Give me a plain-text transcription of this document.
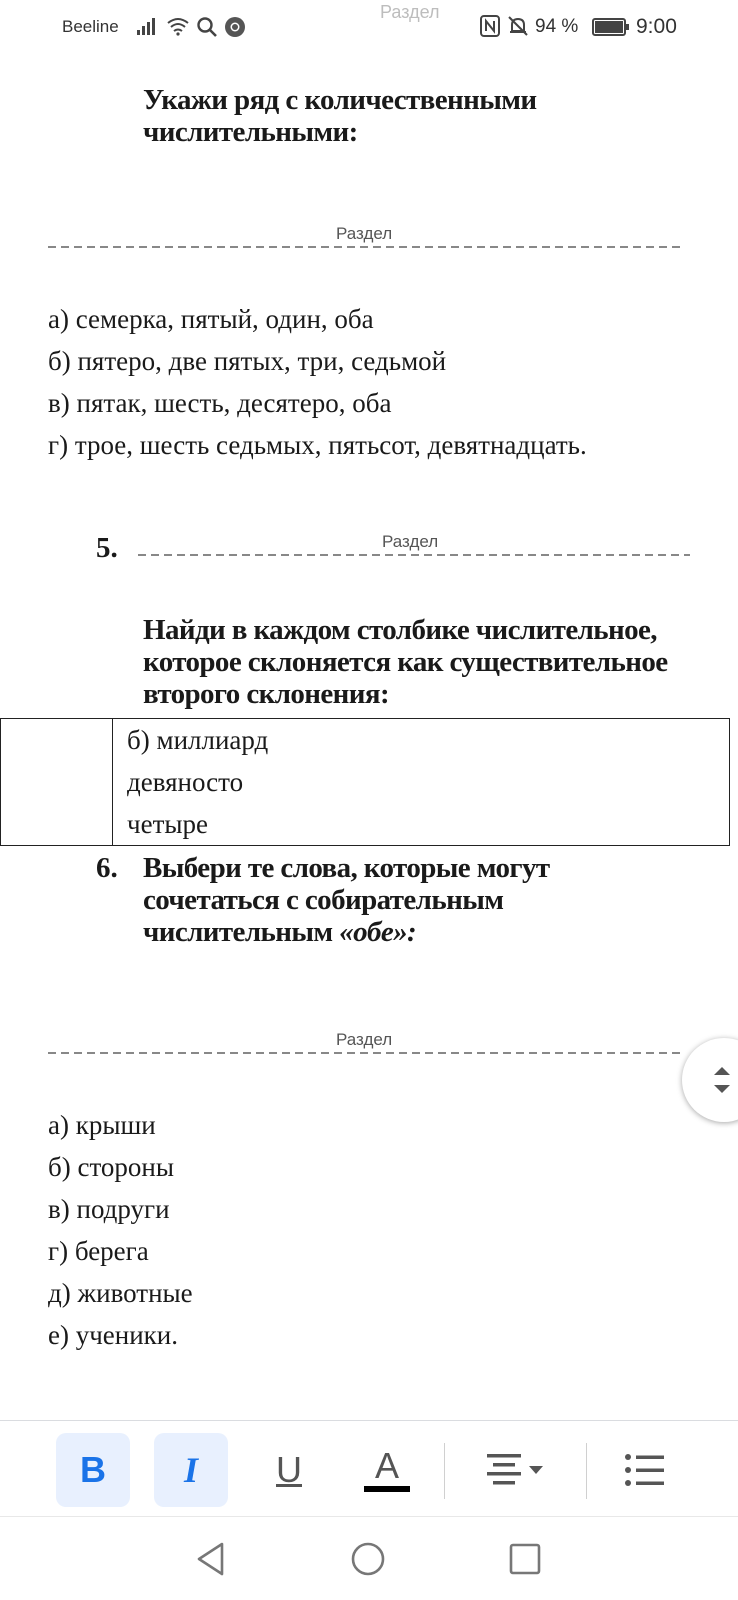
Beeline
Раздел
94 %	9:00
Укажи ряд с количественными
числительными:
Раздел
а) семерка, пятый, один, оба
б) пятеро, две пятых, три, седьмой
в) пятак, шесть, десятеро, оба
г) трое, шесть седьмых, пятьсот, девятнадцать.
5.	Раздел
Найди в каждом столбике числительное,
которое склоняется как существительное
второго склонения:

б) миллиард
девяносто
четыре
6. Выбери те слова, которые могут
сочетаться с собирательным
числительным «обе»:
Раздел
а) крыши
б) стороны
в) подруги
г) берега
д) животные
е) ученики.
B I U A
